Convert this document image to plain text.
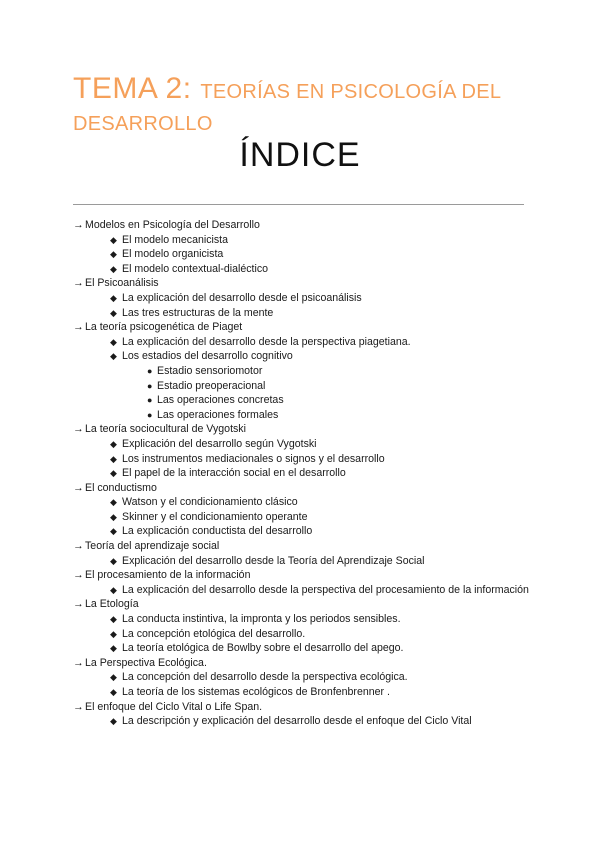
TEMA 2: TEORÍAS EN PSICOLOGÍA DEL DESARROLLO
ÍNDICE
→ Modelos en Psicología del Desarrollo
◆ El modelo mecanicista
◆ El modelo organicista
◆ El modelo contextual-dialéctico
→ El Psicoanálisis
◆ La explicación del desarrollo desde el psicoanálisis
◆ Las tres estructuras de la mente
→ La teoría psicogenética de Piaget
◆ La explicación del desarrollo desde la perspectiva piagetiana.
◆ Los estadios del desarrollo cognitivo
● Estadio sensoriomotor
● Estadio preoperacional
● Las operaciones concretas
● Las operaciones formales
→ La teoría sociocultural de Vygotski
◆ Explicación del desarrollo según Vygotski
◆ Los instrumentos mediacionales o signos y el desarrollo
◆ El papel de la interacción social en el desarrollo
→ El conductismo
◆ Watson y el condicionamiento clásico
◆ Skinner y el condicionamiento operante
◆ La explicación conductista del desarrollo
→ Teoría del aprendizaje social
◆ Explicación del desarrollo desde la Teoría del Aprendizaje Social
→ El procesamiento de la información
◆ La explicación del desarrollo desde la perspectiva del procesamiento de la información
→ La Etología
◆ La conducta instintiva, la impronta y los periodos sensibles.
◆ La concepción etológica del desarrollo.
◆ La teoría etológica de Bowlby sobre el desarrollo del apego.
→ La Perspectiva Ecológica.
◆ La concepción del desarrollo desde la perspectiva ecológica.
◆ La teoría de los sistemas ecológicos de Bronfenbrenner .
→ El enfoque del Ciclo Vital o Life Span.
◆ La descripción y explicación del desarrollo desde el enfoque del Ciclo Vital
